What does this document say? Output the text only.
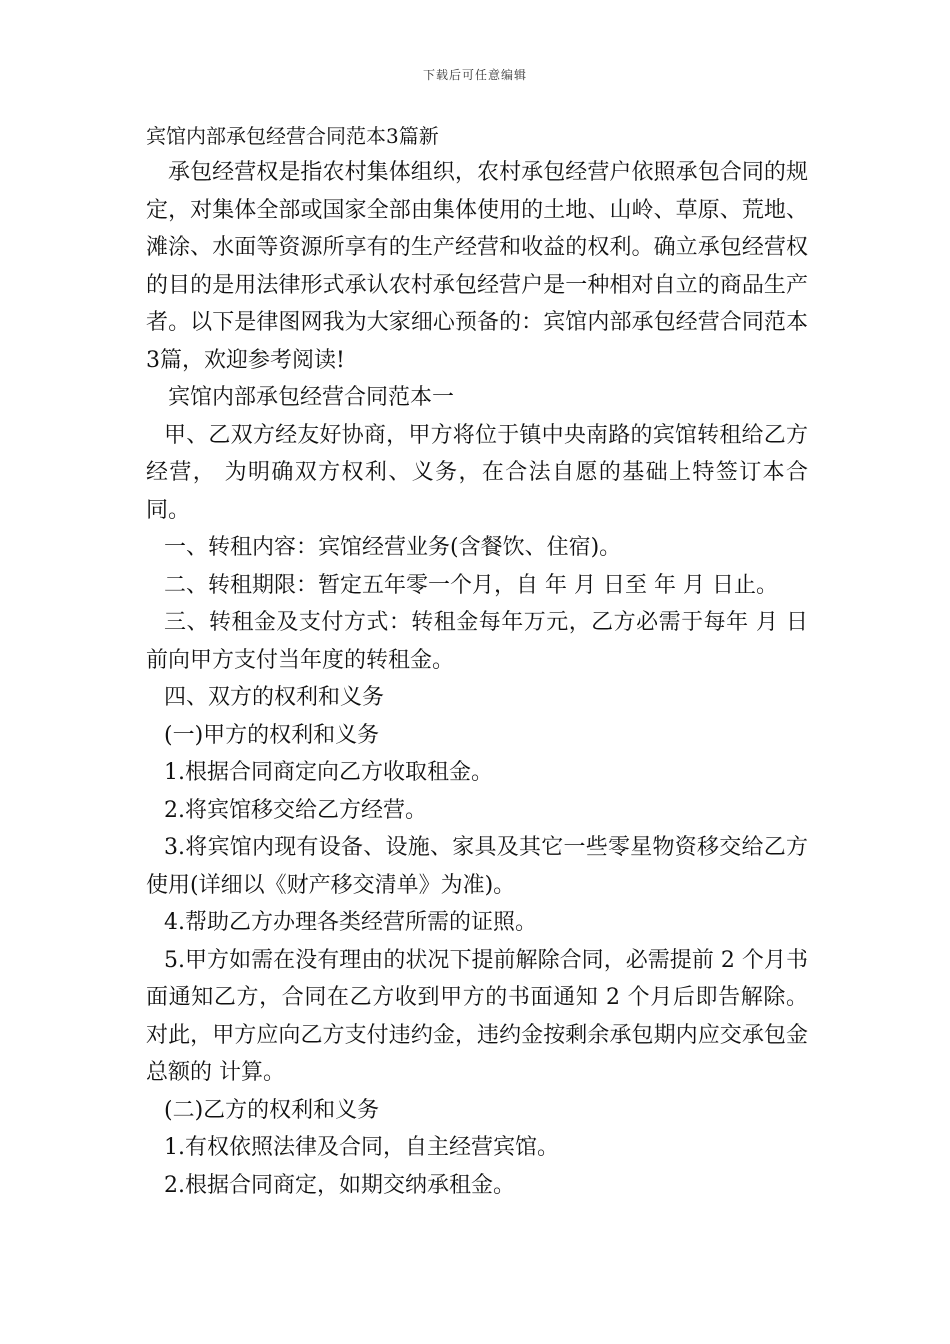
下载后可任意编辑
宾馆内部承包经营合同范本3篇新

承包经营权是指农村集体组织，农村承包经营户依照承包合同的规定，对集体全部或国家全部由集体使用的土地、山岭、草原、荒地、滩涂、水面等资源所享有的生产经营和收益的权利。确立承包经营权的目的是用法律形式承认农村承包经营户是一种相对自立的商品生产者。以下是律图网我为大家细心预备的：宾馆内部承包经营合同范本3篇，欢迎参考阅读!

宾馆内部承包经营合同范本一

甲、乙双方经友好协商，甲方将位于镇中央南路的宾馆转租给乙方经营， 为明确双方权利、义务，在合法自愿的基础上特签订本合同。

一、转租内容：宾馆经营业务(含餐饮、住宿)。

二、转租期限：暂定五年零一个月，自 年 月 日至 年 月 日止。

三、转租金及支付方式：转租金每年万元，乙方必需于每年 月 日前向甲方支付当年度的转租金。

四、双方的权利和义务

(一)甲方的权利和义务

1.根据合同商定向乙方收取租金。

2.将宾馆移交给乙方经营。

3.将宾馆内现有设备、设施、家具及其它一些零星物资移交给乙方使用(详细以《财产移交清单》为准)。

4.帮助乙方办理各类经营所需的证照。

5.甲方如需在没有理由的状况下提前解除合同，必需提前 2 个月书面通知乙方，合同在乙方收到甲方的书面通知 2 个月后即告解除。对此，甲方应向乙方支付违约金，违约金按剩余承包期内应交承包金总额的 计算。

(二)乙方的权利和义务

1.有权依照法律及合同，自主经营宾馆。

2.根据合同商定，如期交纳承租金。
